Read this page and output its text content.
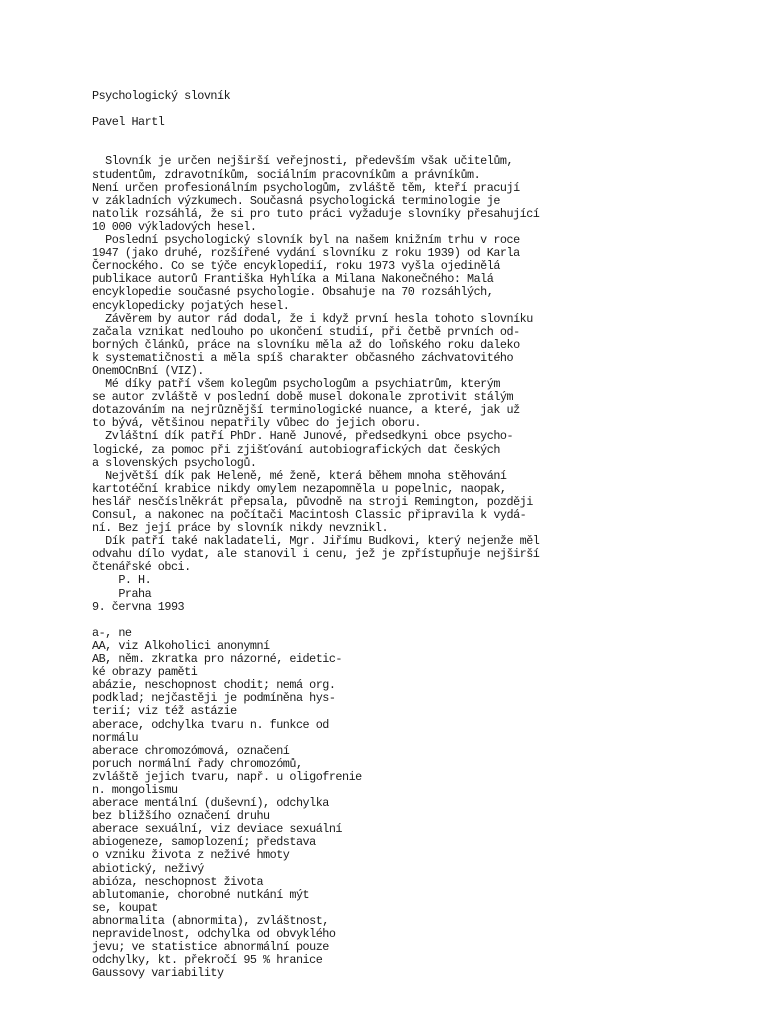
Psychologický slovník
Pavel Hartl
Slovník je určen nejširší veřejnosti, především však učitelům,
studentům, zdravotníkům, sociálním pracovníkům a právníkům.
Není určen profesionálním psychologům, zvláště těm, kteří pracují
v základních výzkumech. Současná psychologická terminologie je
natolik rozsáhlá, že si pro tuto práci vyžaduje slovníky přesahující
10 000 výkladových hesel.
Poslední psychologický slovník byl na našem knižním trhu v roce
1947 (jako druhé, rozšířené vydání slovníku z roku 1939) od Karla
Černockého. Co se týče encyklopedií, roku 1973 vyšla ojedinělá
publikace autorů Františka Hyhlíka a Milana Nakonečného: Malá
encyklopedie současné psychologie. Obsahuje na 70 rozsáhlých,
encyklopedicky pojatých hesel.
Závěrem by autor rád dodal, že i když první hesla tohoto slovníku
začala vznikat nedlouho po ukončení studií, při četbě prvních od-
borných článků, práce na slovníku měla až do loňského roku daleko
k systematičnosti a měla spíš charakter občasného záchvatovitého
OnemOCnBní (VIZ).
Mé díky patří všem kolegům psychologům a psychiatrům, kterým
se autor zvláště v poslední době musel dokonale zprotivit stálým
dotazováním na nejrůznější terminologické nuance, a které, jak už
to bývá, většinou nepatřily vůbec do jejich oboru.
Zvláštní dík patří PhDr. Haně Junové, předsedkyni obce psycho-
logické, za pomoc při zjišťování autobiografických dat českých
a slovenských psychologů.
Největší dík pak Heleně, mé ženě, která během mnoha stěhování
kartotéční krabice nikdy omylem nezapomněla u popelnic, naopak,
heslář nesčíslněkrát přepsala, původně na stroji Remington, později
Consul, a nakonec na počítači Macintosh Classic připravila k vydá-
ní. Bez její práce by slovník nikdy nevznikl.
Dík patří také nakladateli, Mgr. Jiřímu Budkovi, který nejenže měl
odvahu dílo vydat, ale stanovil i cenu, jež je zpřístupňuje nejširší
čtenářské obci.
P. H.
Praha
9. června 1993
a-, ne
AA, viz Alkoholici anonymní
AB, něm. zkratka pro názorné, eidetic-
ké obrazy paměti
abázie, neschopnost chodit; nemá org.
podklad; nejčastěji je podmíněna hys-
terií; viz též astázie
aberace, odchylka tvaru n. funkce od
normálu
aberace chromozómová, označení
poruch normální řady chromozómů,
zvláště jejich tvaru, např. u oligofrenie
n. mongolismu
aberace mentální (duševní), odchylka
bez bližšího označení druhu
aberace sexuální, viz deviace sexuální
abiogeneze, samoplození; představa
o vzniku života z neživé hmoty
abiotický, neživý
abióza, neschopnost života
ablutomanie, chorobné nutkání mýt
se, koupat
abnormalita (abnormita), zvláštnost,
nepravidelnost, odchylka od obvyklého
jevu; ve statistice abnormální pouze
odchylky, kt. překročí 95 % hranice
Gaussovy variability
